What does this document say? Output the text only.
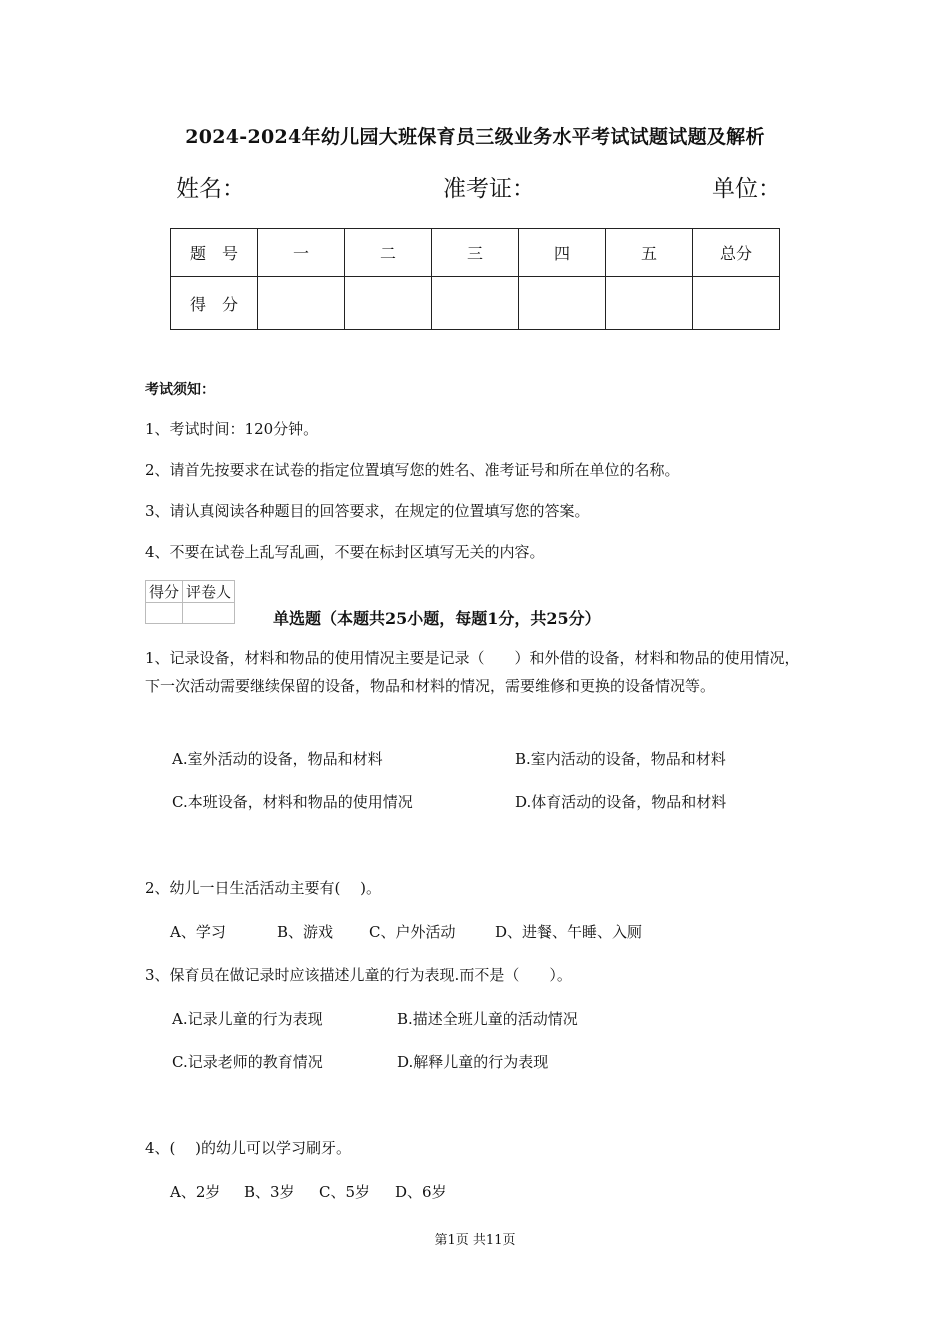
2024-2024年幼儿园大班保育员三级业务水平考试试题试题及解析
姓名：	准考证：	单位：
题　号	一	二	三	四	五	总分
得　分						
考试须知：
1、考试时间：120分钟。
2、请首先按要求在试卷的指定位置填写您的姓名、准考证号和所在单位的名称。
3、请认真阅读各种题目的回答要求，在规定的位置填写您的答案。
4、不要在试卷上乱写乱画，不要在标封区填写无关的内容。
得分	评卷人

单选题（本题共25小题，每题1分，共25分）
1、记录设备，材料和物品的使用情况主要是记录（　　）和外借的设备，材料和物品的使用情况，下一次活动需要继续保留的设备，物品和材料的情况，需要维修和更换的设备情况等。
A.室外活动的设备，物品和材料	B.室内活动的设备，物品和材料
C.本班设备，材料和物品的使用情况	D.体育活动的设备，物品和材料
2、幼儿一日生活活动主要有(　 )。
A、学习	B、游戏 C、户外活动	D、进餐、午睡、入厕
3、保育员在做记录时应该描述儿童的行为表现.而不是（　　）。
A.记录儿童的行为表现	B.描述全班儿童的活动情况
C.记录老师的教育情况	D.解释儿童的行为表现
4、(　 )的幼儿可以学习刷牙。
A、2岁 B、3岁 C、5岁 D、6岁
第1页 共11页
